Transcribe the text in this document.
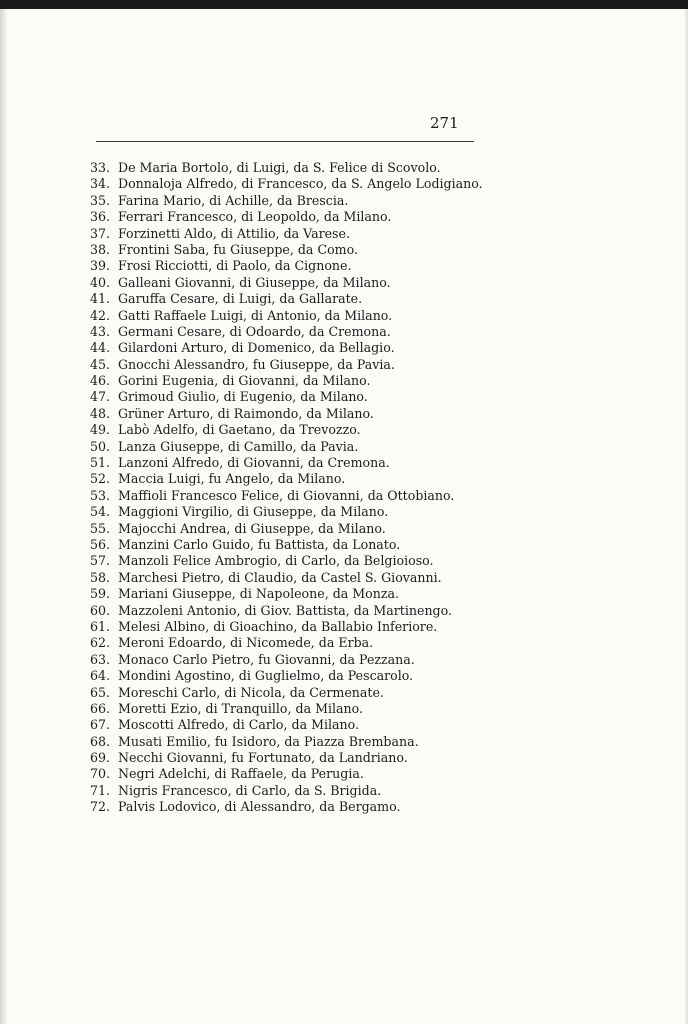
271
33. De Maria Bortolo, di Luigi, da S. Felice di Scovolo.
34. Donnaloja Alfredo, di Francesco, da S. Angelo Lodigiano.
35. Farina Mario, di Achille, da Brescia.
36. Ferrari Francesco, di Leopoldo, da Milano.
37. Forzinetti Aldo, di Attilio, da Varese.
38. Frontini Saba, fu Giuseppe, da Como.
39. Frosi Ricciotti, di Paolo, da Cignone.
40. Galleani Giovanni, di Giuseppe, da Milano.
41. Garuffa Cesare, di Luigi, da Gallarate.
42. Gatti Raffaele Luigi, di Antonio, da Milano.
43. Germani Cesare, di Odoardo, da Cremona.
44. Gilardoni Arturo, di Domenico, da Bellagio.
45. Gnocchi Alessandro, fu Giuseppe, da Pavia.
46. Gorini Eugenia, di Giovanni, da Milano.
47. Grimoud Giulio, di Eugenio, da Milano.
48. Grüner Arturo, di Raimondo, da Milano.
49. Labò Adelfo, di Gaetano, da Trevozzo.
50. Lanza Giuseppe, di Camillo, da Pavia.
51. Lanzoni Alfredo, di Giovanni, da Cremona.
52. Maccia Luigi, fu Angelo, da Milano.
53. Maffioli Francesco Felice, di Giovanni, da Ottobiano.
54. Maggioni Virgilio, di Giuseppe, da Milano.
55. Majocchi Andrea, di Giuseppe, da Milano.
56. Manzini Carlo Guido, fu Battista, da Lonato.
57. Manzoli Felice Ambrogio, di Carlo, da Belgioioso.
58. Marchesi Pietro, di Claudio, da Castel S. Giovanni.
59. Mariani Giuseppe, di Napoleone, da Monza.
60. Mazzoleni Antonio, di Giov. Battista, da Martinengo.
61. Melesi Albino, di Gioachino, da Ballabio Inferiore.
62. Meroni Edoardo, di Nicomede, da Erba.
63. Monaco Carlo Pietro, fu Giovanni, da Pezzana.
64. Mondini Agostino, di Guglielmo, da Pescarolo.
65. Moreschi Carlo, di Nicola, da Cermenate.
66. Moretti Ezio, di Tranquillo, da Milano.
67. Moscotti Alfredo, di Carlo, da Milano.
68. Musati Emilio, fu Isidoro, da Piazza Brembana.
69. Necchi Giovanni, fu Fortunato, da Landriano.
70. Negri Adelchi, di Raffaele, da Perugia.
71. Nigris Francesco, di Carlo, da S. Brigida.
72. Palvis Lodovico, di Alessandro, da Bergamo.
